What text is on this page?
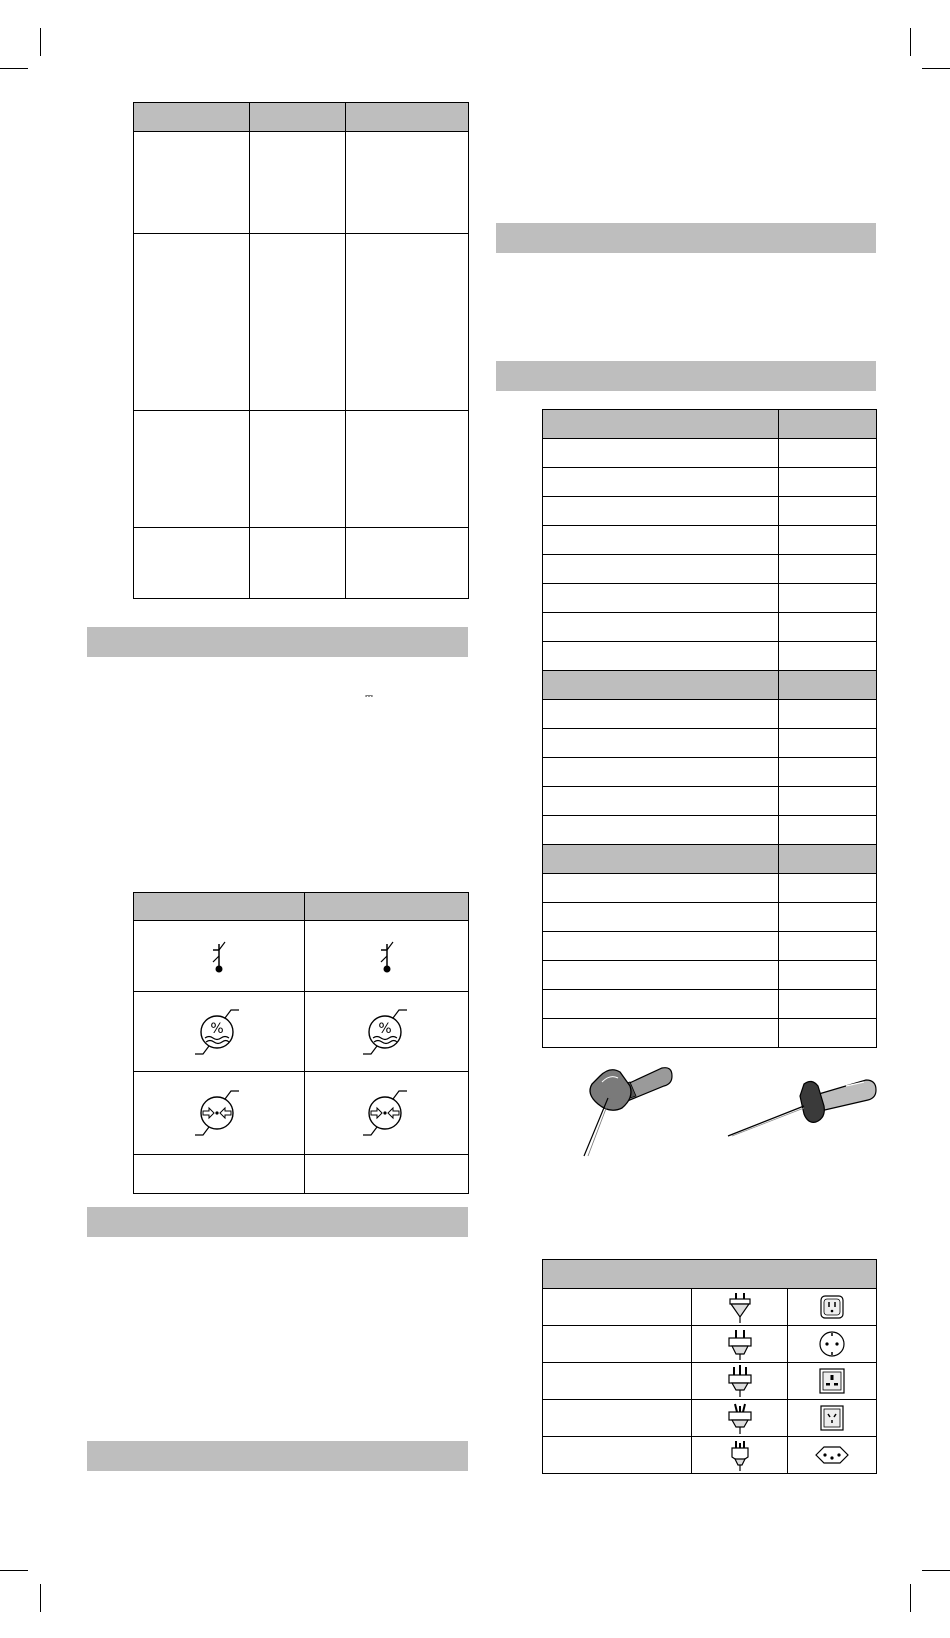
⎓

%	%
